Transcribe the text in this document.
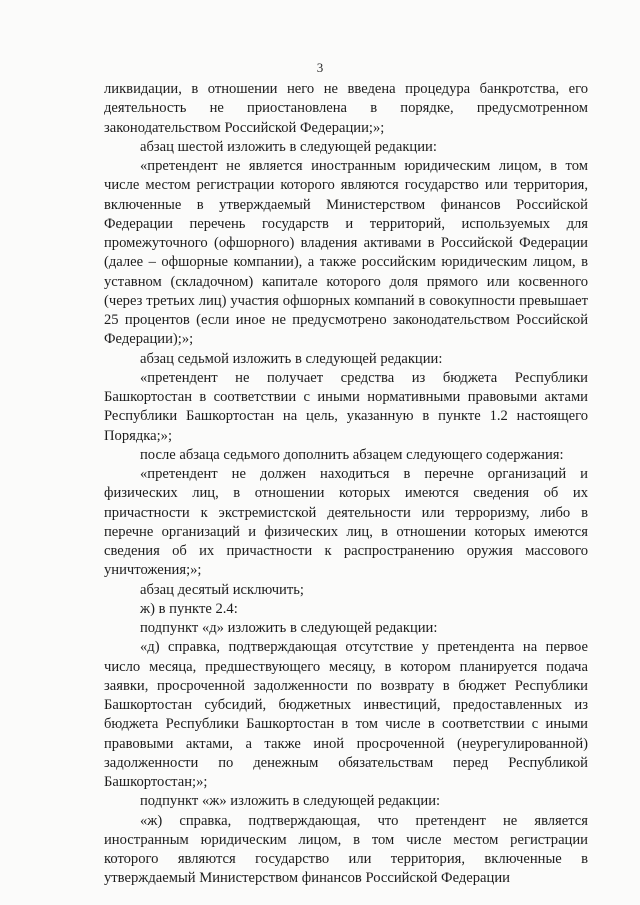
3

ликвидации, в отношении него не введена процедура банкротства, его деятельность не приостановлена в порядке, предусмотренном законодательством Российской Федерации;»;

абзац шестой изложить в следующей редакции:

«претендент не является иностранным юридическим лицом, в том числе местом регистрации которого являются государство или территория, включенные в утверждаемый Министерством финансов Российской Федерации перечень государств и территорий, используемых для промежуточного (офшорного) владения активами в Российской Федерации (далее – офшорные компании), а также российским юридическим лицом, в уставном (складочном) капитале которого доля прямого или косвенного (через третьих лиц) участия офшорных компаний в совокупности превышает 25 процентов (если иное не предусмотрено законодательством Российской Федерации);»;

абзац седьмой изложить в следующей редакции:

«претендент не получает средства из бюджета Республики Башкортостан в соответствии с иными нормативными правовыми актами Республики Башкортостан на цель, указанную в пункте 1.2 настоящего Порядка;»;

после абзаца седьмого дополнить абзацем следующего содержания:

«претендент не должен находиться в перечне организаций и физических лиц, в отношении которых имеются сведения об их причастности к экстремистской деятельности или терроризму, либо в перечне организаций и физических лиц, в отношении которых имеются сведения об их причастности к распространению оружия массового уничтожения;»;

абзац десятый исключить;

ж) в пункте 2.4:

подпункт «д» изложить в следующей редакции:

«д) справка, подтверждающая отсутствие у претендента на первое число месяца, предшествующего месяцу, в котором планируется подача заявки, просроченной задолженности по возврату в бюджет Республики Башкортостан субсидий, бюджетных инвестиций, предоставленных из бюджета Республики Башкортостан в том числе в соответствии с иными правовыми актами, а также иной просроченной (неурегулированной) задолженности по денежным обязательствам перед Республикой Башкортостан;»;

подпункт «ж» изложить в следующей редакции:

«ж) справка, подтверждающая, что претендент не является иностранным юридическим лицом, в том числе местом регистрации которого являются государство или территория, включенные в утверждаемый Министерством финансов Российской Федерации
